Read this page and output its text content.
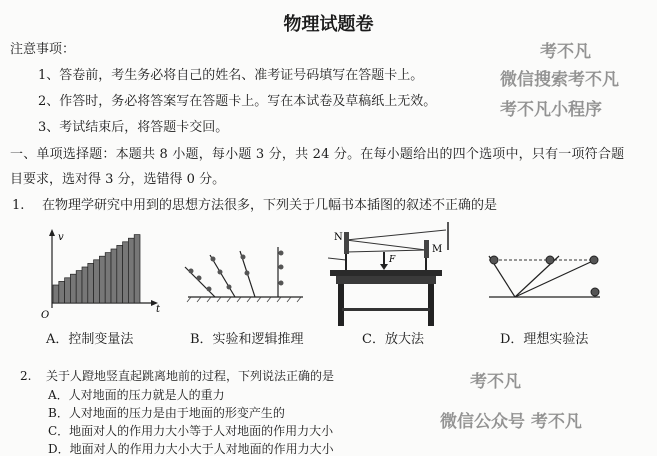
物理试题卷
注意事项：
1、答卷前，考生务必将自己的姓名、准考证号码填写在答题卡上。
2、作答时，务必将答案写在答题卡上。写在本试卷及草稿纸上无效。
3、考试结束后，将答题卡交回。
一、单项选择题：本题共 8 小题，每小题 3 分，共 24 分。在每小题给出的四个选项中，只有一项符合题
目要求，选对得 3 分，选错得 0 分。
1. 在物理学研究中用到的思想方法很多，下列关于几幅书本插图的叙述不正确的是
v
t
O
N
M
F
A．控制变量法	B．实验和逻辑推理	C．放大法	D．理想实验法
2. 关于人蹬地竖直起跳离地前的过程，下列说法正确的是
A．人对地面的压力就是人的重力
B．人对地面的压力是由于地面的形变产生的
C．地面对人的作用力大小等于人对地面的作用力大小
D．地面对人的作用力大小大于人对地面的作用力大小
考不凡
微信搜索考不凡
考不凡小程序
考不凡
微信公众号 考不凡
